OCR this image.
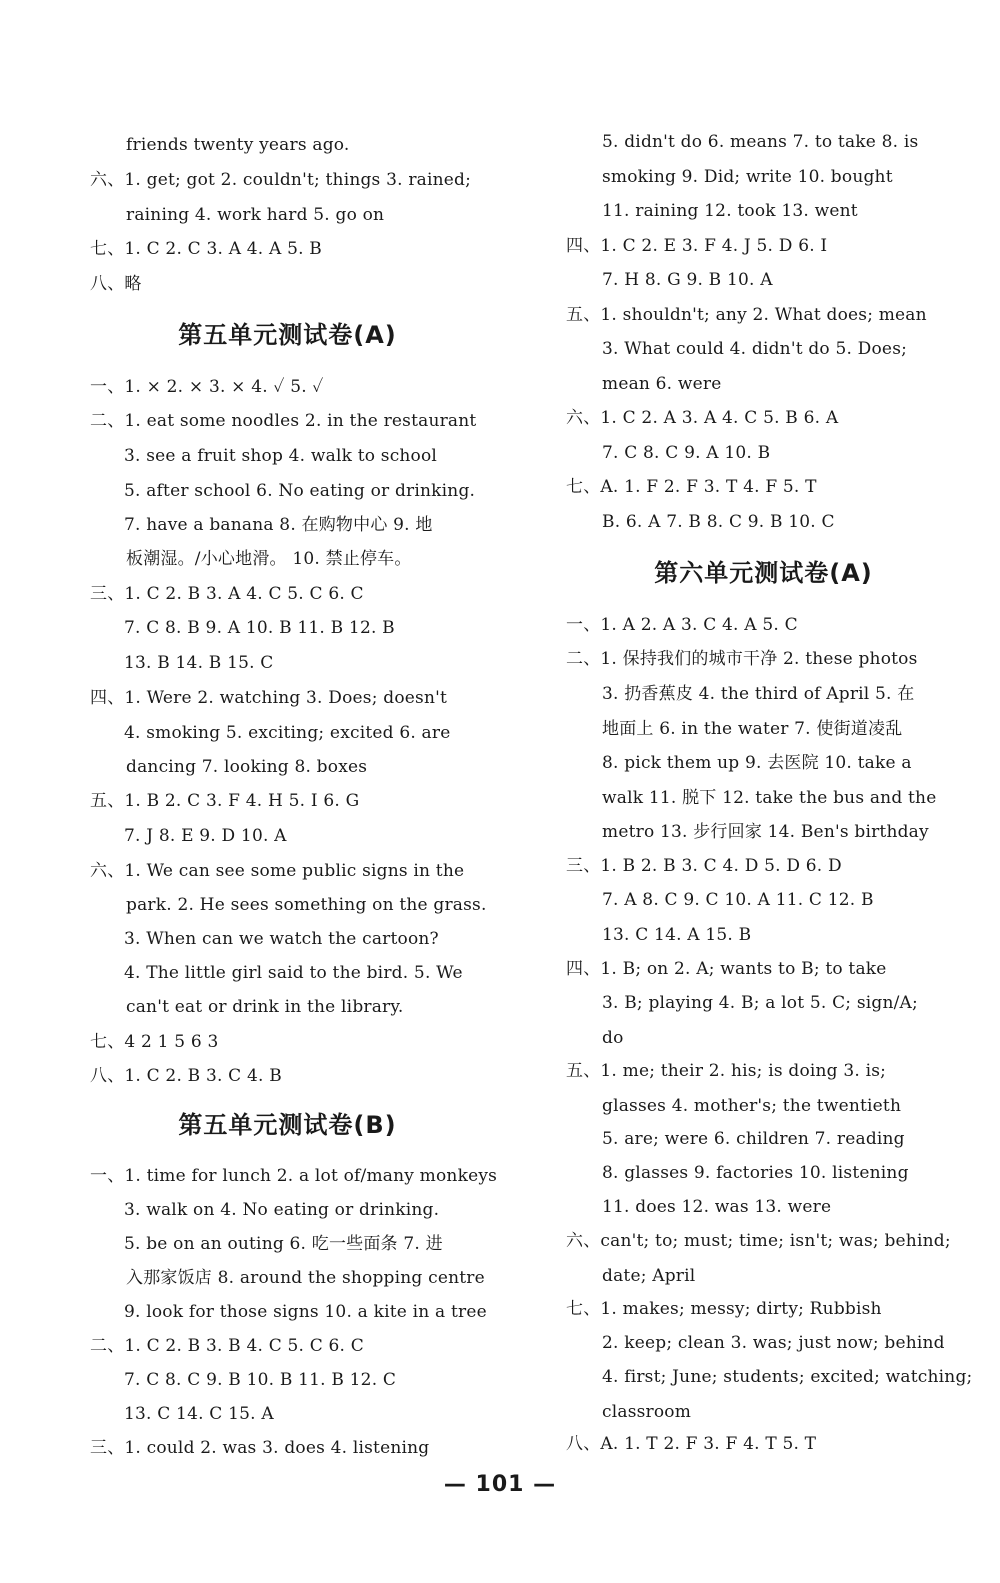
friends twenty years ago.
六、1. get; got 2. couldn't; things 3. rained;
raining 4. work hard 5. go on
七、1. C 2. C 3. A 4. A 5. B
八、略
第五单元测试卷(A)
一、1. × 2. × 3. × 4. ✓ 5. ✓
二、1. eat some noodles 2. in the restaurant
3. see a fruit shop 4. walk to school
5. after school 6. No eating or drinking.
7. have a banana 8. 在购物中心 9. 地
板潮湿。/小心地滑。 10. 禁止停车。
三、1. C 2. B 3. A 4. C 5. C 6. C
7. C 8. B 9. A 10. B 11. B 12. B
13. B 14. B 15. C
四、1. Were 2. watching 3. Does; doesn't
4. smoking 5. exciting; excited 6. are
dancing 7. looking 8. boxes
五、1. B 2. C 3. F 4. H 5. I 6. G
7. J 8. E 9. D 10. A
六、1. We can see some public signs in the
park. 2. He sees something on the grass.
3. When can we watch the cartoon?
4. The little girl said to the bird. 5. We
can't eat or drink in the library.
七、4 2 1 5 6 3
八、1. C 2. B 3. C 4. B
第五单元测试卷(B)
一、1. time for lunch 2. a lot of/many monkeys
3. walk on 4. No eating or drinking.
5. be on an outing 6. 吃一些面条 7. 进
入那家饭店 8. around the shopping centre
9. look for those signs 10. a kite in a tree
二、1. C 2. B 3. B 4. C 5. C 6. C
7. C 8. C 9. B 10. B 11. B 12. C
13. C 14. C 15. A
三、1. could 2. was 3. does 4. listening
5. didn't do 6. means 7. to take 8. is
smoking 9. Did; write 10. bought
11. raining 12. took 13. went
四、1. C 2. E 3. F 4. J 5. D 6. I
7. H 8. G 9. B 10. A
五、1. shouldn't; any 2. What does; mean
3. What could 4. didn't do 5. Does;
mean 6. were
六、1. C 2. A 3. A 4. C 5. B 6. A
7. C 8. C 9. A 10. B
七、A. 1. F 2. F 3. T 4. F 5. T
B. 6. A 7. B 8. C 9. B 10. C
第六单元测试卷(A)
一、1. A 2. A 3. C 4. A 5. C
二、1. 保持我们的城市干净 2. these photos
3. 扔香蕉皮 4. the third of April 5. 在
地面上 6. in the water 7. 使街道凌乱
8. pick them up 9. 去医院 10. take a
walk 11. 脱下 12. take the bus and the
metro 13. 步行回家 14. Ben's birthday
三、1. B 2. B 3. C 4. D 5. D 6. D
7. A 8. C 9. C 10. A 11. C 12. B
13. C 14. A 15. B
四、1. B; on 2. A; wants to B; to take
3. B; playing 4. B; a lot 5. C; sign/A;
do
五、1. me; their 2. his; is doing 3. is;
glasses 4. mother's; the twentieth
5. are; were 6. children 7. reading
8. glasses 9. factories 10. listening
11. does 12. was 13. were
六、can't; to; must; time; isn't; was; behind;
date; April
七、1. makes; messy; dirty; Rubbish
2. keep; clean 3. was; just now; behind
4. first; June; students; excited; watching;
classroom
八、A. 1. T 2. F 3. F 4. T 5. T
— 101 —
